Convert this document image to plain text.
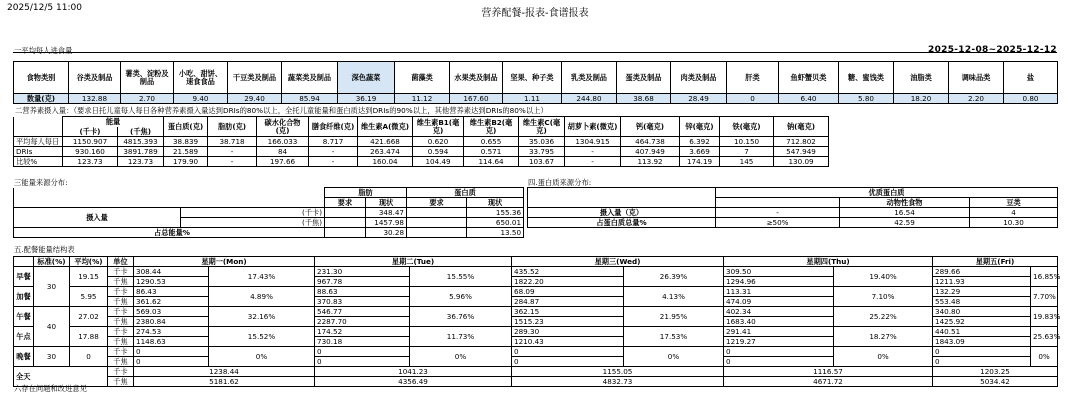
2025/12/5 11:00	营养配餐-报表-食谱报表
一平均每人进食量	2025-12-08~2025-12-12
食物类别	谷类及制品	薯类、淀粉及制品	小吃、甜饼、速食食品	干豆类及制品	蔬菜类及制品	深色蔬菜	菌藻类	水果类及制品	坚果、种子类	乳类及制品	蛋类及制品	肉类及制品	肝类	鱼虾蟹贝类	糖、蜜饯类	油脂类	调味品类	盐
数量(克)	132.88	2.70	9.40	29.40	85.94	36.19	11.12	167.60	1.11	244.80	38.68	28.49	0	6.40	5.80	18.20	2.20	0.80
二营养素摄入量：（要求日托儿童每人每日各种营养素摄入量达到DRIs的80%以上，全托儿童能量和蛋白质达到DRIs的90%以上，其他营养素达到DRIs的80%以上）
	能量		蛋白质(克)	脂肪(克)	碳水化合物(克)	膳食纤维(克)	维生素A(微克)	维生素B1(毫克)	维生素B2(毫克)	维生素C(毫克)	胡萝卜素(微克)	钙(毫克)	锌(毫克)	铁(毫克)	钠(毫克)
	(千卡)	(千焦)													
平均每人每日	1150.907	4815.393	38.839	38.718	166.033	8.717	421.668	0.620	0.655	35.036	1304.915	464.738	6.392	10.150	712.802
DRIs	930.160	3891.789	21.589	-	84	-	263.474	0.594	0.571	33.795	-	407.949	3.669	7	547.949
比较%	123.73	123.73	179.90	-	197.66	-	160.04	104.49	114.64	103.67	-	113.92	174.19	145	130.09
三能量来源分布:
		脂肪		蛋白质	
		要求	现状	要求	现状
摄入量	(千卡)		348.47		155.36
	(千焦)		1457.98		650.01
占总能量%			30.28		13.50
四.蛋白质来源分布:
	优质蛋白质		
		动物性食物	豆类
摄入量（克）	-	16.54	4
占蛋白质总量%	≥50%	42.59	10.30
五.配餐能量结构表
	标准(%)	平均(%)	单位	星期一(Mon)		星期二(Tue)		星期三(Wed)		星期四(Thu)		星期五(Fri)	
早餐	30	19.15	千卡	308.44	17.43%	231.30	15.55%	435.52	26.39%	309.50	19.40%	289.66	16.85%
			千焦	1290.53		967.78		1822.20		1294.96		1211.93	
加餐		5.95	千卡	86.43	4.89%	88.63	5.96%	68.09	4.13%	113.31	7.10%	132.29	7.70%
			千焦	361.62		370.83		284.87		474.09		553.48	
午餐	40	27.02	千卡	569.03	32.16%	546.77	36.76%	362.15	21.95%	402.34	25.22%	340.80	19.83%
			千焦	2380.84		2287.70		1515.23		1683.40		1425.92	
午点		17.88	千卡	274.53	15.52%	174.52	11.73%	289.30	17.53%	291.41	18.27%	440.51	25.63%
			千焦	1148.63		730.18		1210.43		1219.27		1843.09	
晚餐	30	0	千卡	0	0%	0	0%	0	0%	0	0%	0	0%
			千焦	0		0		0		0		0	
全天			千卡	1238.44		1041.23		1155.05		1116.57		1203.25	
			千焦	5181.62		4356.49		4832.73		4671.72		5034.42	
六存在问题和改进意见
